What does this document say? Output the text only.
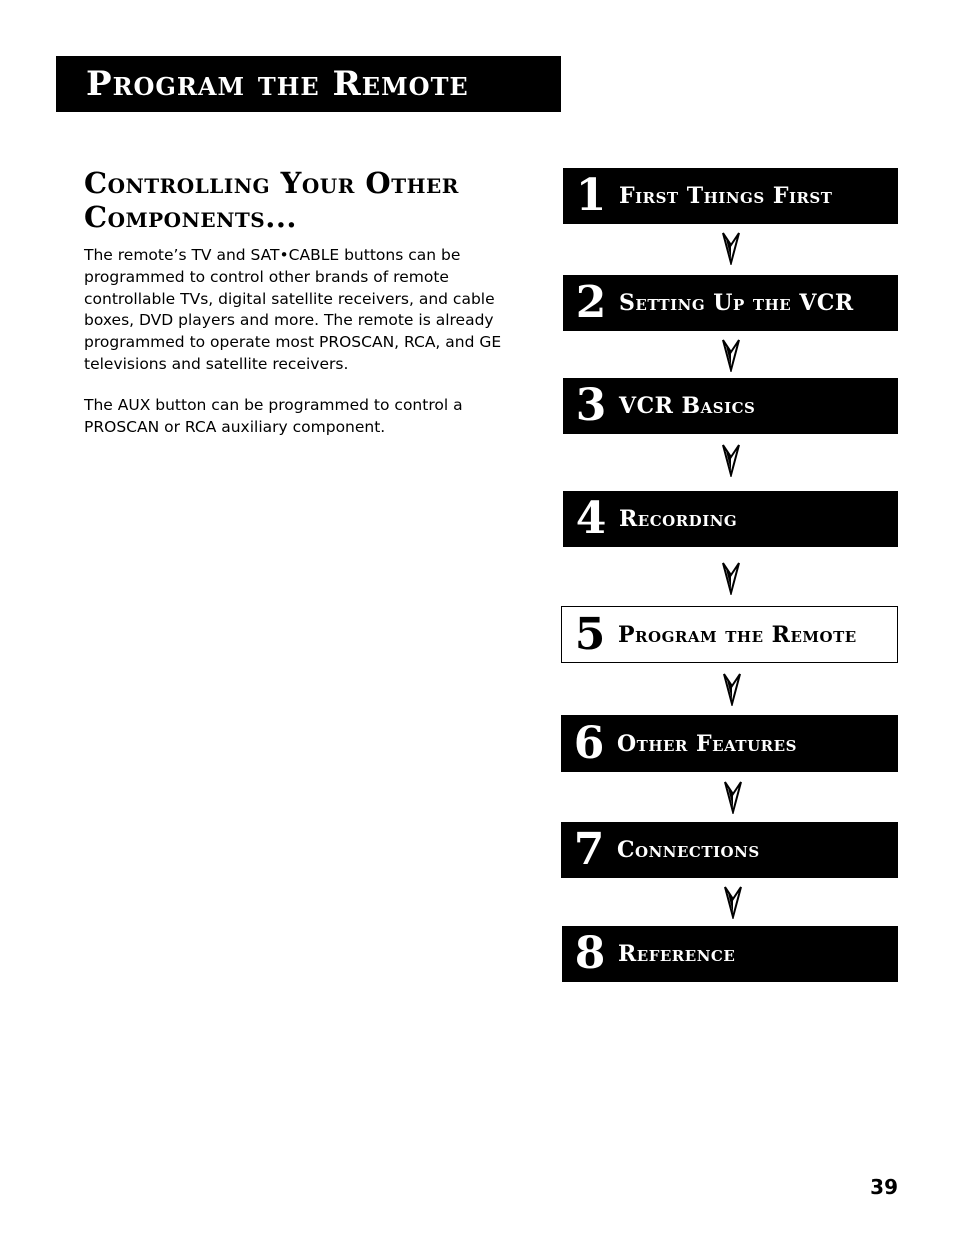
Program the Remote
Controlling Your Other Components...

The remote’s TV and SAT•CABLE buttons can be programmed to control other brands of remote controllable TVs, digital satellite receivers, and cable boxes, DVD players and more. The remote is already programmed to operate most PROSCAN, RCA, and GE televisions and satellite receivers.

The AUX button can be programmed to control a PROSCAN or RCA auxiliary component.

1 First Things First
2 Setting Up the VCR
3 VCR Basics
4 Recording
5 Program the Remote
6 Other Features
7 Connections
8 Reference
39
